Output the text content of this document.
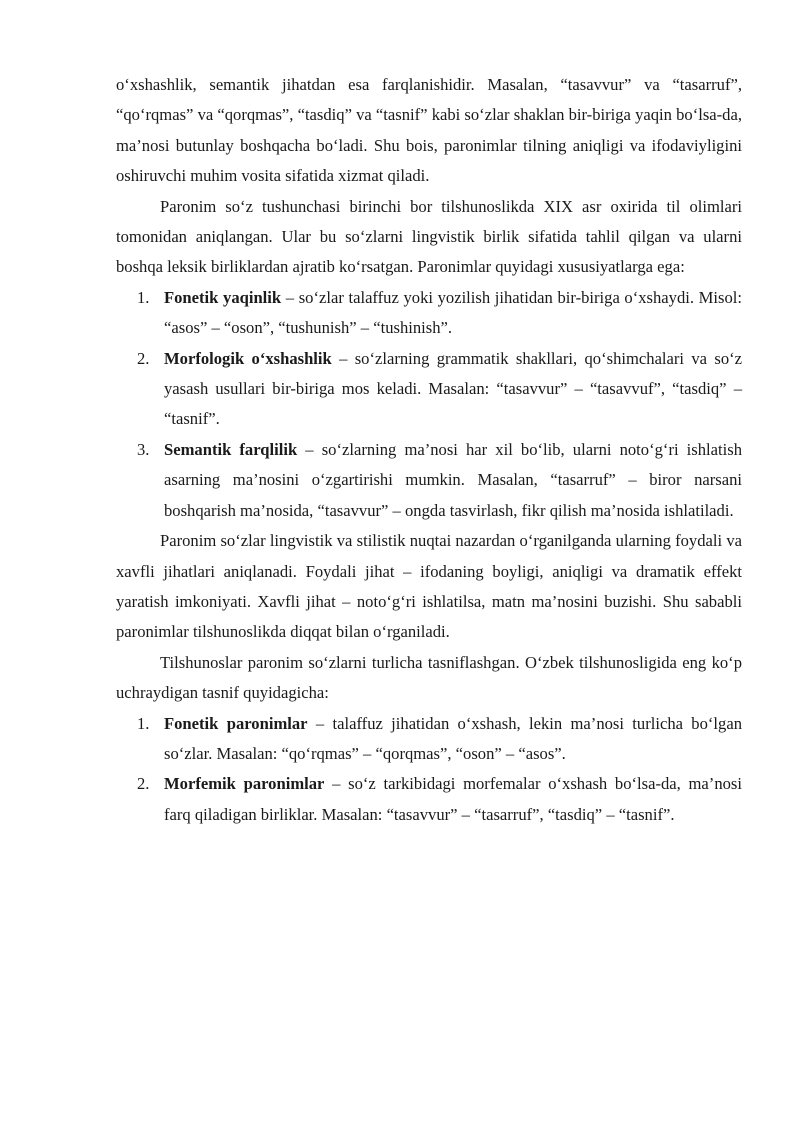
o‘xshashlik, semantik jihatdan esa farqlanishidir. Masalan, “tasavvur” va “tasarruf”, “qo‘rqmas” va “qorqmas”, “tasdiq” va “tasnif” kabi so‘zlar shaklan bir-biriga yaqin bo‘lsa-da, ma’nosi butunlay boshqacha bo‘ladi. Shu bois, paronimlar tilning aniqligi va ifodaviyligini oshiruvchi muhim vosita sifatida xizmat qiladi.

Paronim so‘z tushunchasi birinchi bor tilshunoslikda XIX asr oxirida til olimlari tomonidan aniqlangan. Ular bu so‘zlarni lingvistik birlik sifatida tahlil qilgan va ularni boshqa leksik birliklardan ajratib ko‘rsatgan. Paronimlar quyidagi xususiyatlarga ega:

1. Fonetik yaqinlik – so‘zlar talaffuz yoki yozilish jihatidan bir-biriga o‘xshaydi. Misol: “asos” – “oson”, “tushunish” – “tushinish”.
2. Morfologik o‘xshashlik – so‘zlarning grammatik shakllari, qo‘shimchalari va so‘z yasash usullari bir-biriga mos keladi. Masalan: “tasavvur” – “tasavvuf”, “tasdiq” – “tasnif”.
3. Semantik farqlilik – so‘zlarning ma’nosi har xil bo‘lib, ularni noto‘g‘ri ishlatish asarning ma’nosini o‘zgartirishi mumkin. Masalan, “tasarruf” – biror narsani boshqarish ma’nosida, “tasavvur” – ongda tasvirlash, fikr qilish ma’nosida ishlatiladi.

Paronim so‘zlar lingvistik va stilistik nuqtai nazardan o‘rganilganda ularning foydali va xavfli jihatlari aniqlanadi. Foydali jihat – ifodaning boyligi, aniqligi va dramatik effekt yaratish imkoniyati. Xavfli jihat – noto‘g‘ri ishlatilsa, matn ma’nosini buzishi. Shu sababli paronimlar tilshunoslikda diqqat bilan o‘rganiladi.

Tilshunoslar paronim so‘zlarni turlicha tasniflashgan. O‘zbek tilshunosligida eng ko‘p uchraydigan tasnif quyidagicha:

1. Fonetik paronimlar – talaffuz jihatidan o‘xshash, lekin ma’nosi turlicha bo‘lgan so‘zlar. Masalan: “qo‘rqmas” – “qorqmas”, “oson” – “asos”.
2. Morfemik paronimlar – so‘z tarkibidagi morfemalar o‘xshash bo‘lsa-da, ma’nosi farq qiladigan birliklar. Masalan: “tasavvur” – “tasarruf”, “tasdiq” – “tasnif”.
